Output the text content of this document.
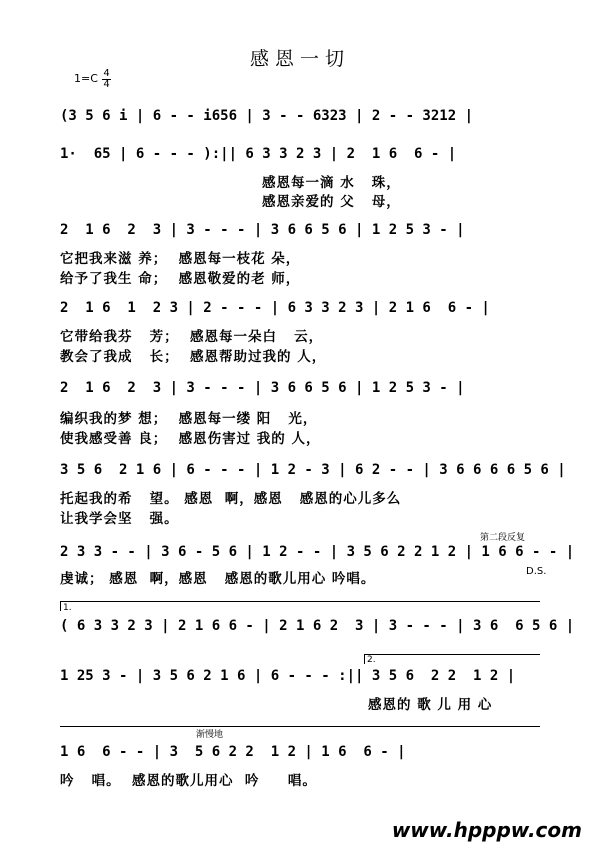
感恩一切
1=C 4
4
(3 5 6 i | 6 - - i656 | 3 - - 6323 | 2 - - 3212 |
1·  65 | 6 - - - ):|| 6 3 3 2 3 | 2  1 6  6 - |
感恩每一滴 水   珠，
感恩亲爱的 父   母，
2  1 6  2  3 | 3 - - - | 3 6 6 5 6 | 1 2 5 3 - |
它把我来滋 养；  感恩每一枝花 朵，
给予了我生 命；  感恩敬爱的老 师，
2  1 6  1  2 3 | 2 - - - | 6 3 3 2 3 | 2 1 6  6 - |
它带给我芬   芳；  感恩每一朵白   云，
教会了我成   长；  感恩帮助过我的 人，
2  1 6  2  3 | 3 - - - | 3 6 6 5 6 | 1 2 5 3 - |
编织我的梦 想；  感恩每一缕 阳   光，
使我感受善 良；  感恩伤害过 我的 人，
3 5 6  2 1 6 | 6 - - - | 1 2 - 3 | 6 2 - - | 3 6 6 6 6 5 6 |
托起我的希   望。 感恩  啊，感恩   感恩的心儿多么
让我学会坚   强。
第二段反复
2 3 3 - - | 3 6 - 5 6 | 1 2 - - | 3 5 6 2 2 1 2 | 1 6 6 - - |
虔诚； 感恩  啊，感恩   感恩的歌儿用心 吟唱。	D.S.
1.
( 6 3 3 2 3 | 2 1 6 6 - | 2 1 6 2  3 | 3 - - - | 3 6  6 5 6 |
1 25 3 - | 3 5 6 2 1 6 | 6 - - - :|| 3 5 6  2 2  1 2 |
2.
感恩的 歌 儿 用 心
渐慢地
1 6  6 - - | 3  5 6 2 2  1 2 | 1 6  6 - |
吟   唱。  感恩的歌儿用心  吟     唱。
www.hpppw.com
